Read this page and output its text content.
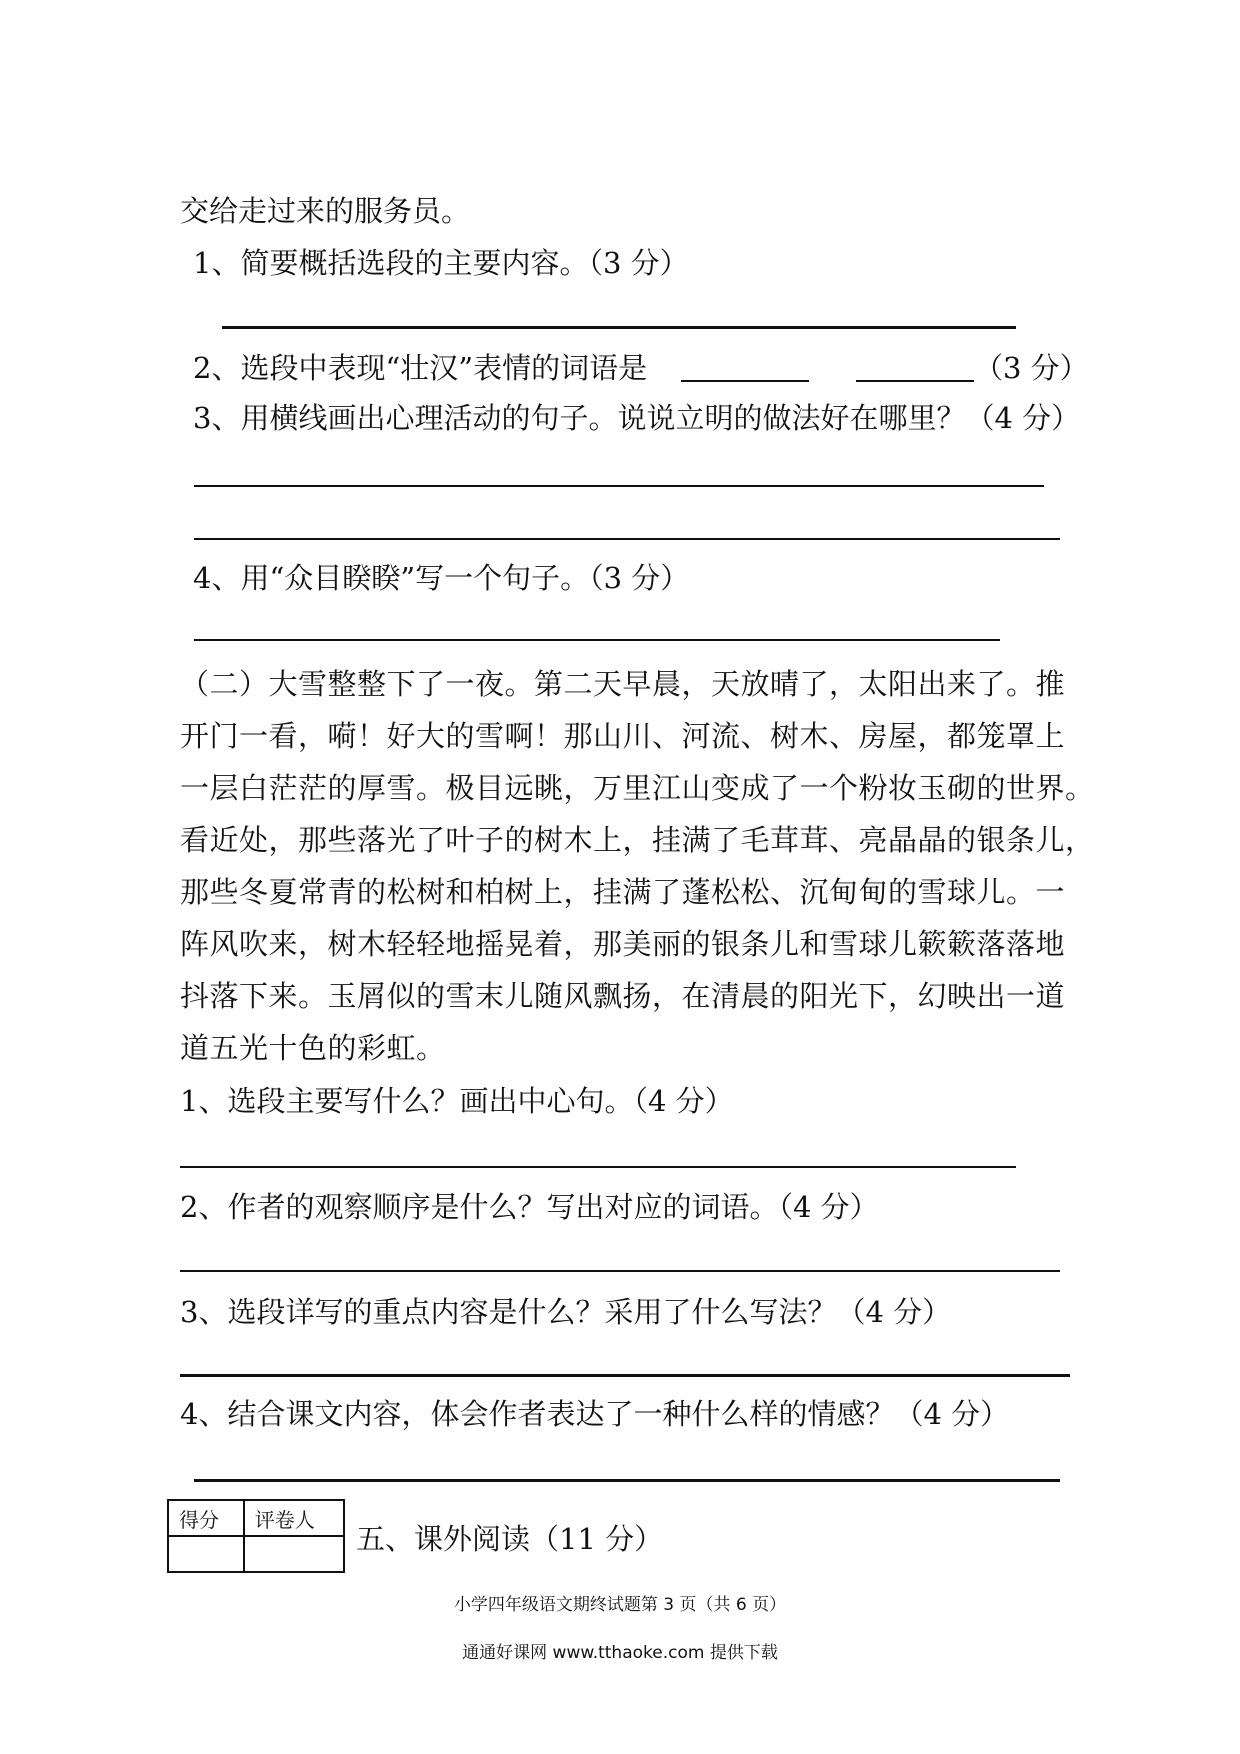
交给走过来的服务员。
1、简要概括选段的主要内容。（3 分）
2、选段中表现“壮汉”表情的词语是	（3 分）
3、用横线画出心理活动的句子。说说立明的做法好在哪里？（4 分）
4、用“众目睽睽”写一个句子。（3 分）
（二）大雪整整下了一夜。第二天早晨，天放晴了，太阳出来了。推
开门一看，嗬！好大的雪啊！那山川、河流、树木、房屋，都笼罩上
一层白茫茫的厚雪。极目远眺，万里江山变成了一个粉妆玉砌的世界。
看近处，那些落光了叶子的树木上，挂满了毛茸茸、亮晶晶的银条儿，
那些冬夏常青的松树和柏树上，挂满了蓬松松、沉甸甸的雪球儿。一
阵风吹来，树木轻轻地摇晃着，那美丽的银条儿和雪球儿簌簌落落地
抖落下来。玉屑似的雪末儿随风飘扬，在清晨的阳光下，幻映出一道
道五光十色的彩虹。
1、选段主要写什么？画出中心句。（4 分）
2、作者的观察顺序是什么？写出对应的词语。（4 分）
3、选段详写的重点内容是什么？采用了什么写法？（4 分）
4、结合课文内容，体会作者表达了一种什么样的情感？（4 分）
得分	评卷人

五、课外阅读（11 分）
小学四年级语文期终试题第 3 页（共 6 页）
通通好课网 www.tthaoke.com 提供下载
